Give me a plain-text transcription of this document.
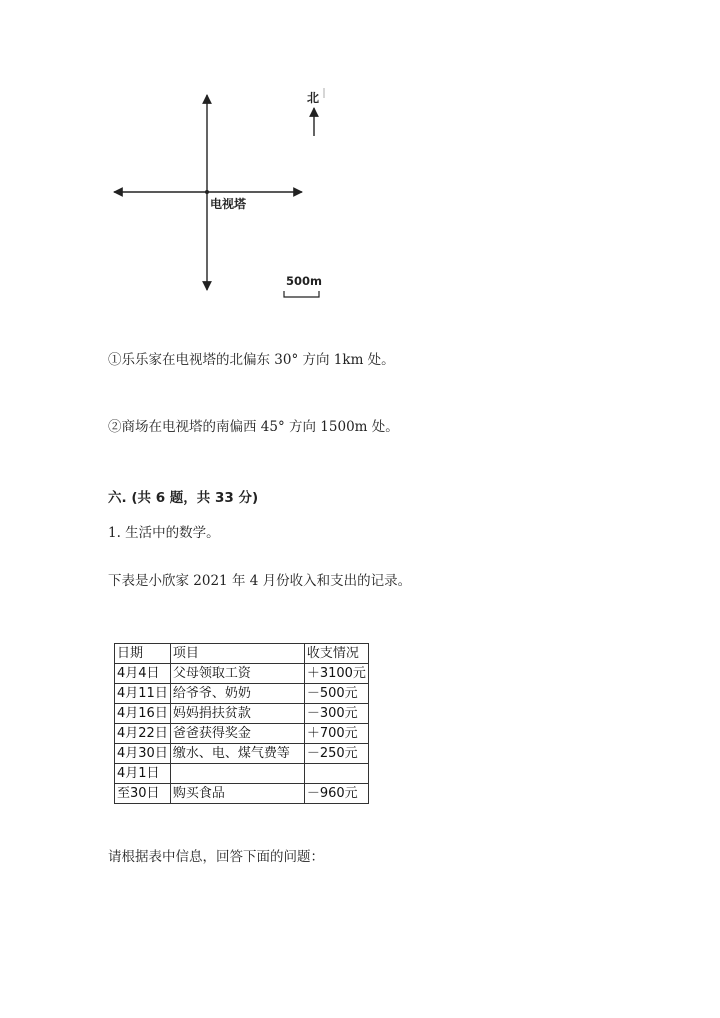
电视塔
北
500m
①乐乐家在电视塔的北偏东 30° 方向 1km 处。
②商场在电视塔的南偏西 45° 方向 1500m 处。
六. (共 6 题，共 33 分)
1. 生活中的数学。
下表是小欣家 2021 年 4 月份收入和支出的记录。
日期	项目	收支情况
4月4日	父母领取工资	＋3100元
4月11日	给爷爷、奶奶	－500元
4月16日	妈妈捐扶贫款	－300元
4月22日	爸爸获得奖金	＋700元
4月30日	缴水、电、煤气费等	－250元
4月1日		
至30日	购买食品	－960元
请根据表中信息，回答下面的问题：
